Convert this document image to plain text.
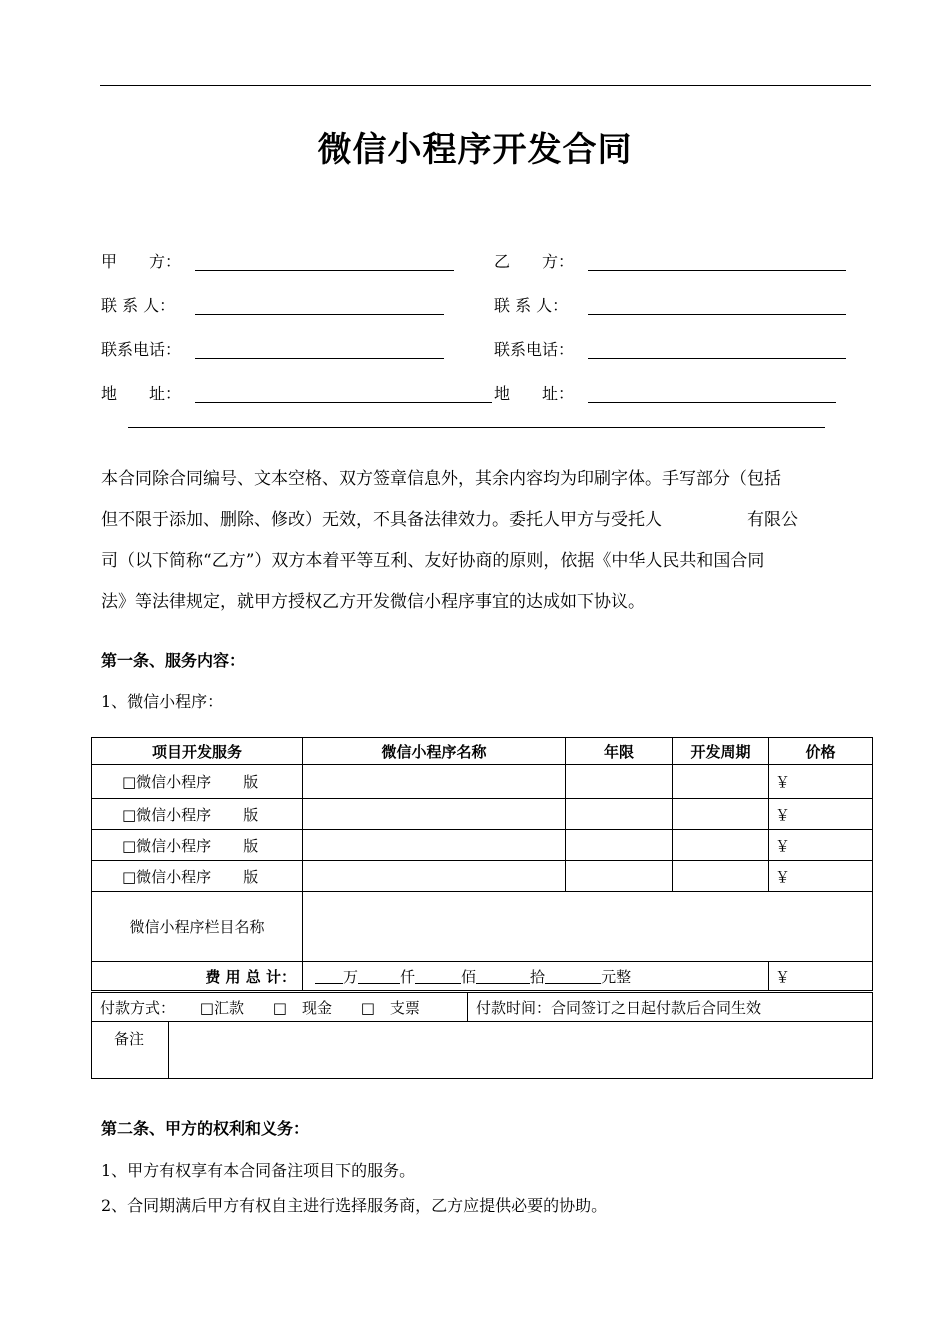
微信小程序开发合同
甲　　方：	乙　　方：
联 系 人：	联 系 人：
联系电话：	联系电话：
地　　址：	地　　址：
本合同除合同编号、文本空格、双方签章信息外，其余内容均为印刷字体。手写部分（包括
但不限于添加、删除、修改）无效，不具备法律效力。委托人甲方与受托人　　　　　有限公
司（以下简称“乙方”）双方本着平等互利、友好协商的原则，依据《中华人民共和国合同
法》等法律规定，就甲方授权乙方开发微信小程序事宜的达成如下协议。
第一条、服务内容：
1、微信小程序：
项目开发服务	微信小程序名称	年限	开发周期	价格
□微信小程序 版				￥
□微信小程序 版				￥
□微信小程序 版				￥
□微信小程序 版				￥
微信小程序栏目名称				
费 用 总 计：	万 仟 佰 拾 元整			￥
付款方式： □汇款 □　现金 □　支票		付款时间：合同签订之日起付款后合同生效
备注		
第二条、甲方的权利和义务：
1、甲方有权享有本合同备注项目下的服务。
2、合同期满后甲方有权自主进行选择服务商，乙方应提供必要的协助。
